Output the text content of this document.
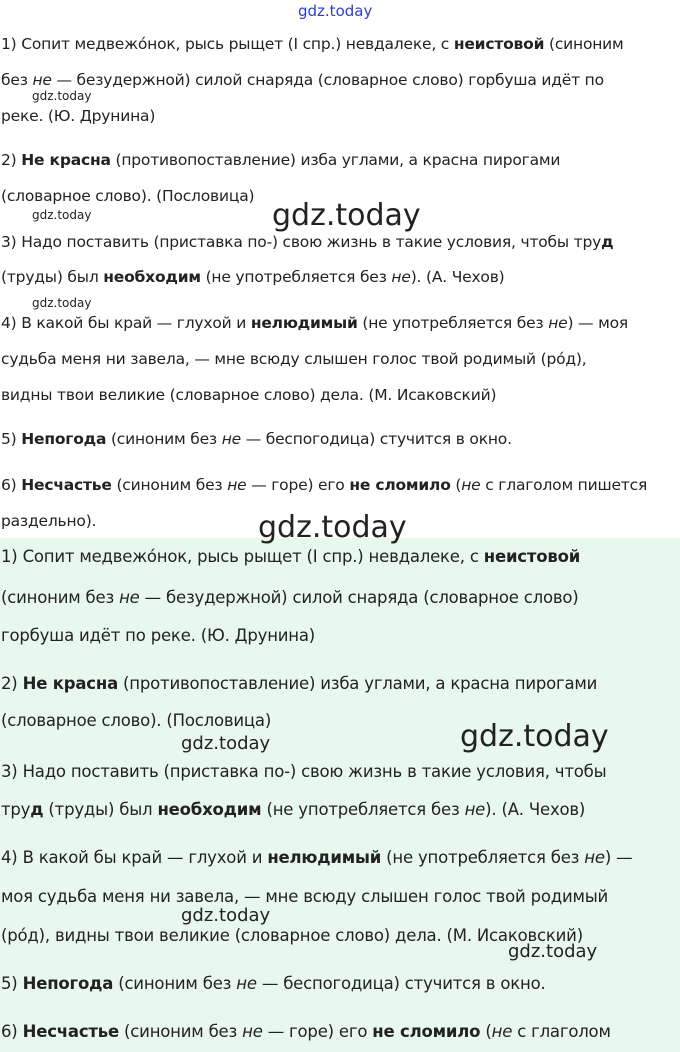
1) Сопит медвежо́нок, рысь рыщет (I спр.) невдалеке, с неистовой (синоним
без не — безудержной) силой снаряда (словарное слово) горбуша идёт по
реке. (Ю. Друнина)
2) Не красна (противопоставление) изба углами, а красна пирогами
(словарное слово). (Пословица)
3) Надо поставить (приставка по-) свою жизнь в такие условия, чтобы труд
(труды) был необходим (не употребляется без не). (А. Чехов)
4) В какой бы край — глухой и нелюдимый (не употребляется без не) — моя
судьба меня ни завела, — мне всюду слышен голос твой родимый (ро́д),
видны твои великие (словарное слово) дела. (М. Исаковский)
5) Непогода (синоним без не — беспогодица) стучится в окно.
6) Несчастье (синоним без не — горе) его не сломило (не с глаголом пишется
раздельно).
1) Сопит медвежо́нок, рысь рыщет (I спр.) невдалеке, с неистовой
(синоним без не — безудержной) силой снаряда (словарное слово)
горбуша идёт по реке. (Ю. Друнина)
2) Не красна (противопоставление) изба углами, а красна пирогами
(словарное слово). (Пословица)
3) Надо поставить (приставка по-) свою жизнь в такие условия, чтобы
труд (труды) был необходим (не употребляется без не). (А. Чехов)
4) В какой бы край — глухой и нелюдимый (не употребляется без не) —
моя судьба меня ни завела, — мне всюду слышен голос твой родимый
(ро́д), видны твои великие (словарное слово) дела. (М. Исаковский)
5) Непогода (синоним без не — беспогодица) стучится в окно.
6) Несчастье (синоним без не — горе) его не сломило (не с глаголом
gdz.today
gdz.today
gdz.today	gdz.today
gdz.today
gdz.today
gdz.today	gdz.today
gdz.today
gdz.today
